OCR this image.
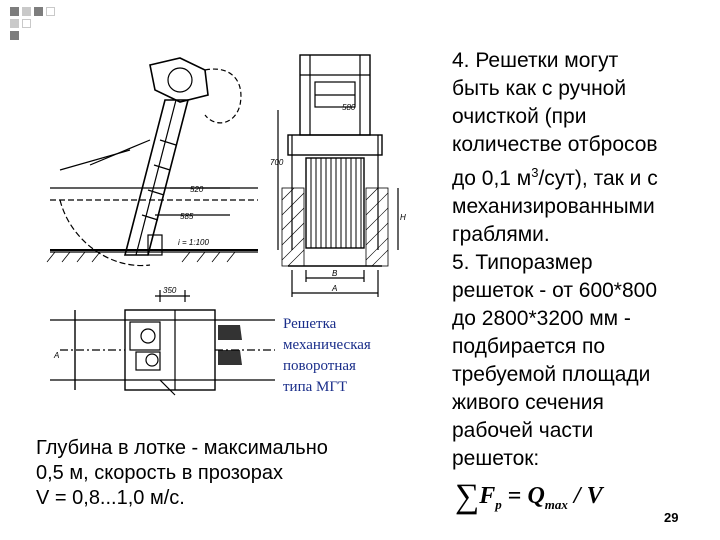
520
585
i = 1:100
580
700
B
A
H
350
А
Решетка
механическая
поворотная
типа МГТ
Глубина в лотке - максимально
0,5 м, скорость в прозорах
V = 0,8...1,0 м/с.
4. Решетки могут
быть как с ручной
очисткой (при
количестве отбросов
до 0,1 $м^3/сут$), так и с
механизированными
граблями.
5. Типоразмер
решеток - от 600*800
до 2800*3200 мм -
подбирается по
требуемой площади
живого сечения
рабочей части
решеток:
$\sum F_p = Q_{max} / V$
29
